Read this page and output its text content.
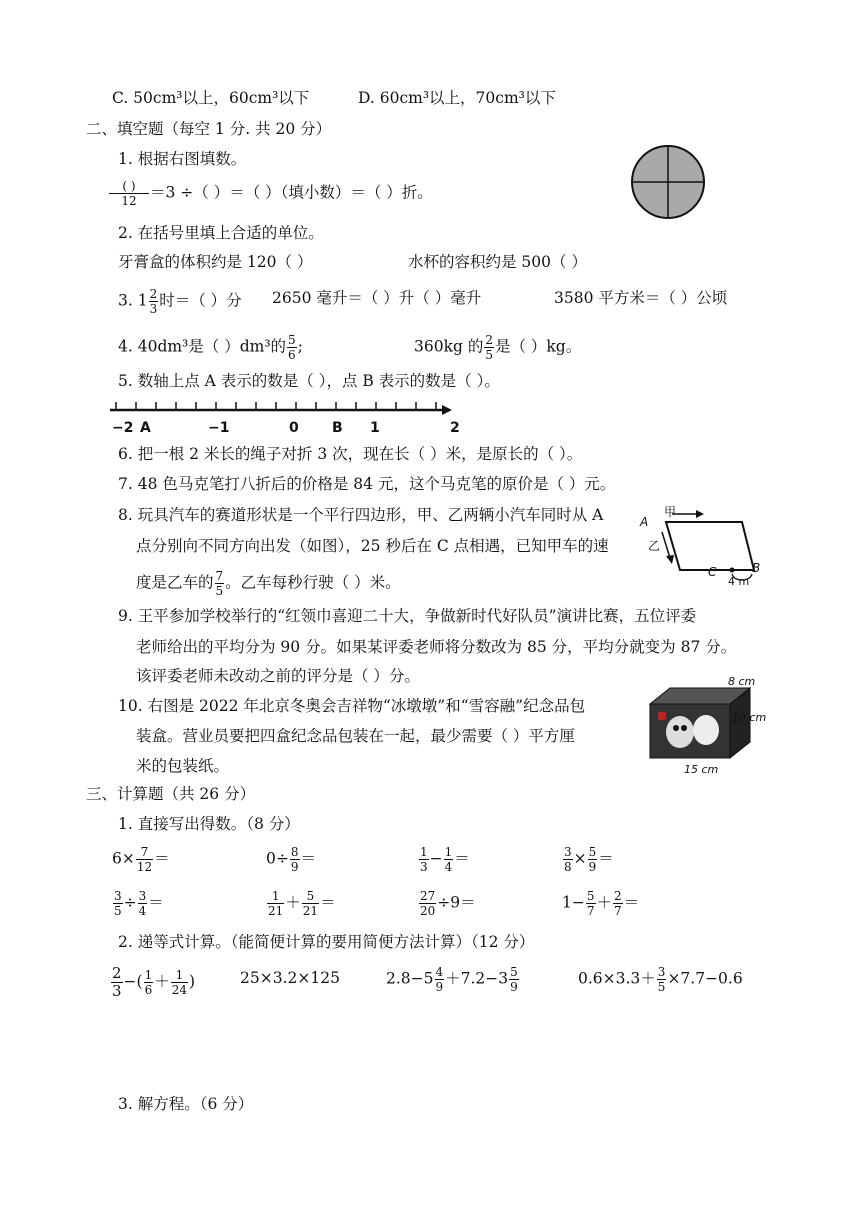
C. 50cm³以上，60cm³以下	D. 60cm³以上，70cm³以下
二、填空题（每空 1 分. 共 20 分）
1. 根据右图填数。
$\frac{( )}{12} =3$ ÷（ ）＝（ ）（填小数）＝（ ）折。
2. 在括号里填上合适的单位。
牙膏盒的体积约是 120（ ）	水杯的容积约是 500（ ）
3. $1 \frac{2}{3}$ 时＝（ ）分 2650 毫升＝（ ）升（ ）毫升	3580 平方米＝（ ）公顷
4. 40dm³是（ ）dm³的 $\frac{5}{6}$ ;	360kg 的 $\frac{2}{5}$ 是（ ）kg。
5. 数轴上点 A 表示的数是（ ），点 B 表示的数是（ ）。
−2 A	−1	0 B 1	2
6. 把一根 2 米长的绳子对折 3 次，现在长（ ）米，是原长的（ ）。
7. 48 色马克笔打八折后的价格是 84 元，这个马克笔的原价是（ ）元。
8. 玩具汽车的赛道形状是一个平行四边形，甲、乙两辆小汽车同时从 A
点分别向不同方向出发（如图），25 秒后在 C 点相遇，已知甲车的速
度是乙车的 $\frac{7}{5}$ 。乙车每秒行驶（ ）米。
A
甲
乙
B
C
4 m
9. 王平参加学校举行的“红领巾喜迎二十大，争做新时代好队员”演讲比赛，五位评委
老师给出的平均分为 90 分。如果某评委老师将分数改为 85 分，平均分就变为 87 分。
该评委老师未改动之前的评分是（ ）分。
10. 右图是 2022 年北京冬奥会吉祥物“冰墩墩”和“雪容融”纪念品包
装盒。营业员要把四盒纪念品包装在一起，最少需要（ ）平方厘
米的包装纸。
8 cm
10 cm
15 cm
三、计算题（共 26 分）
1. 直接写出得数。（8 分）
$6\times \frac{7}{12}$ ＝	$0\div \frac{8}{9}$ ＝	$\frac{1}{3} - \frac{1}{4}$ ＝	$\frac{3}{8} \times \frac{5}{9}$ ＝
$\frac{3}{5} \div \frac{3}{4}$ ＝	$\frac{1}{21} + \frac{5}{21}$ ＝	$\frac{27}{20} \div 9=$	$1- \frac{5}{7} + \frac{2}{7}$ ＝
2. 递等式计算。（能简便计算的要用简便方法计算）（12 分）
$\frac{2}{3}$ −( $\frac{1}{6} + \frac{1}{24}$ )	25×3.2×125	$2.8-5 \frac{4}{9} +7.2-3 \frac{5}{9}$	$0.6\times 3.3+ \frac{3}{5} \times 7.7-0.6$
3. 解方程。（6 分）
